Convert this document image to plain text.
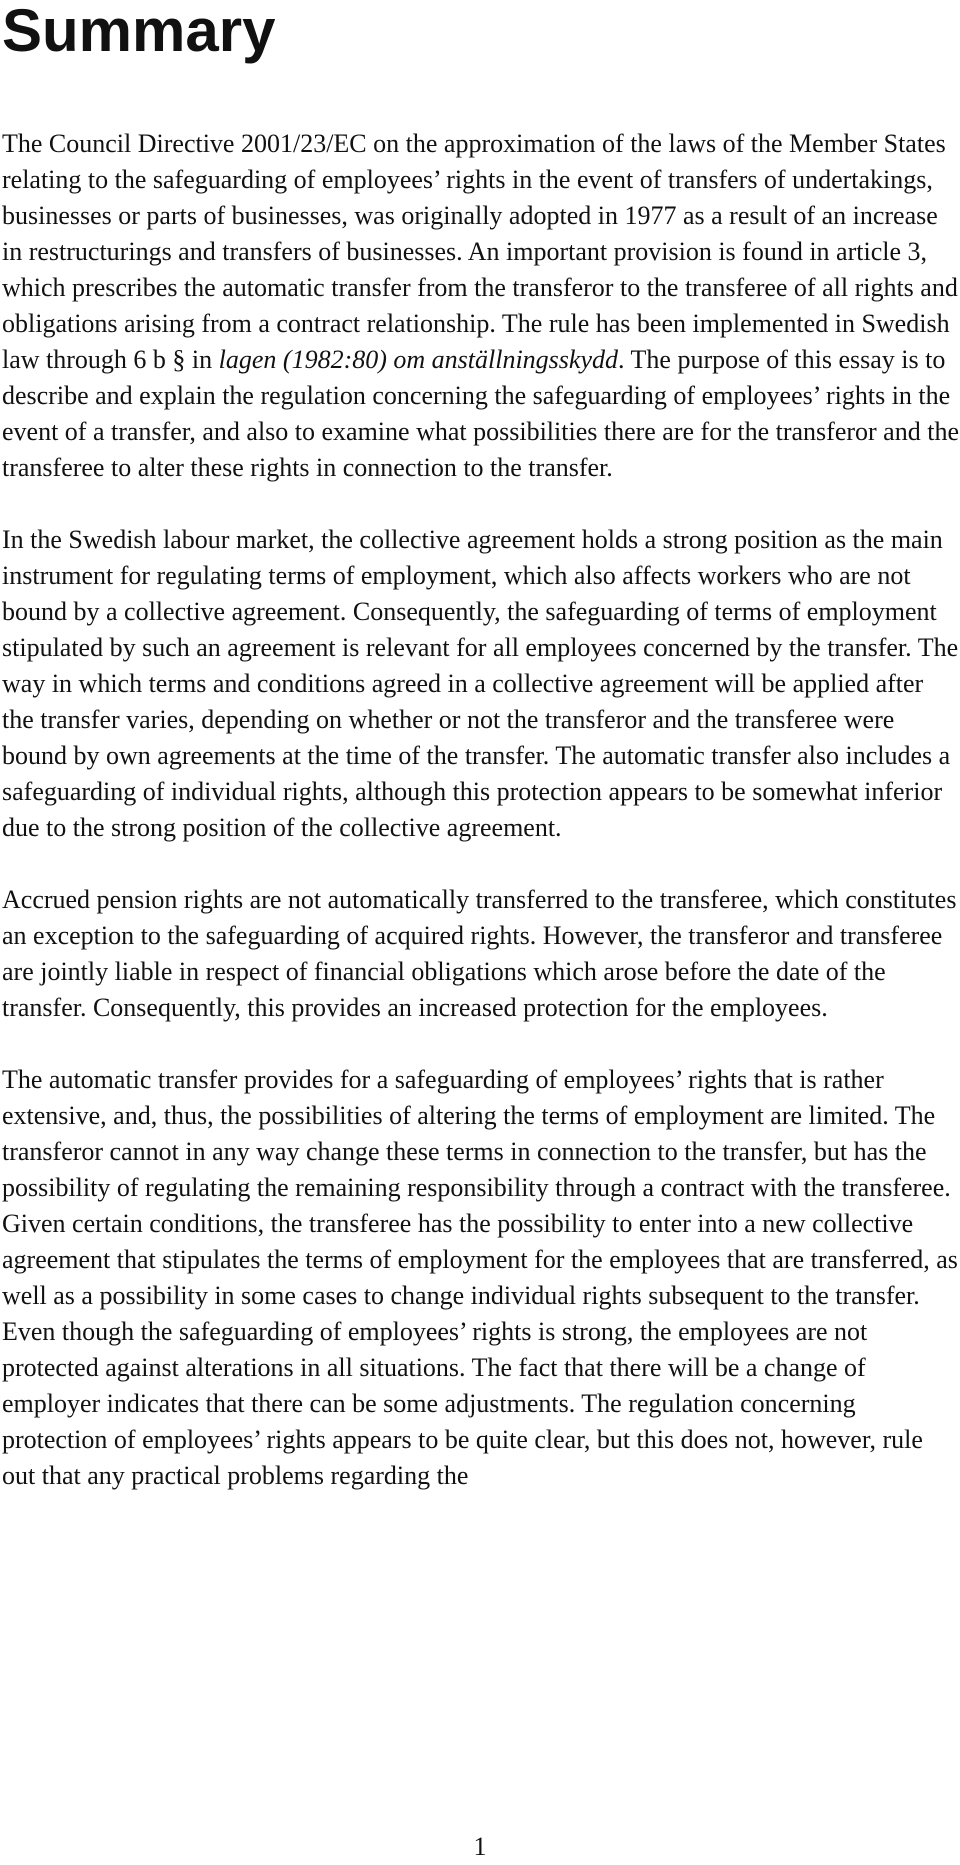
Summary

The Council Directive 2001/23/EC on the approximation of the laws of the Member States relating to the safeguarding of employees’ rights in the event of transfers of undertakings, businesses or parts of businesses, was originally adopted in 1977 as a result of an increase in restructurings and transfers of businesses. An important provision is found in article 3, which prescribes the automatic transfer from the transferor to the transferee of all rights and obligations arising from a contract relationship. The rule has been implemented in Swedish law through 6 b § in lagen (1982:80) om anställningsskydd. The purpose of this essay is to describe and explain the regulation concerning the safeguarding of employees’ rights in the event of a transfer, and also to examine what possibilities there are for the transferor and the transferee to alter these rights in connection to the transfer.

In the Swedish labour market, the collective agreement holds a strong position as the main instrument for regulating terms of employment, which also affects workers who are not bound by a collective agreement. Consequently, the safeguarding of terms of employment stipulated by such an agreement is relevant for all employees concerned by the transfer. The way in which terms and conditions agreed in a collective agreement will be applied after the transfer varies, depending on whether or not the transferor and the transferee were bound by own agreements at the time of the transfer. The automatic transfer also includes a safeguarding of individual rights, although this protection appears to be somewhat inferior due to the strong position of the collective agreement.

Accrued pension rights are not automatically transferred to the transferee, which constitutes an exception to the safeguarding of acquired rights. However, the transferor and transferee are jointly liable in respect of financial obligations which arose before the date of the transfer. Consequently, this provides an increased protection for the employees.

The automatic transfer provides for a safeguarding of employees’ rights that is rather extensive, and, thus, the possibilities of altering the terms of employment are limited. The transferor cannot in any way change these terms in connection to the transfer, but has the possibility of regulating the remaining responsibility through a contract with the transferee. Given certain conditions, the transferee has the possibility to enter into a new collective agreement that stipulates the terms of employment for the employees that are transferred, as well as a possibility in some cases to change individual rights subsequent to the transfer. Even though the safeguarding of employees’ rights is strong, the employees are not protected against alterations in all situations. The fact that there will be a change of employer indicates that there can be some adjustments. The regulation concerning protection of employees’ rights appears to be quite clear, but this does not, however, rule out that any practical problems regarding the

1
